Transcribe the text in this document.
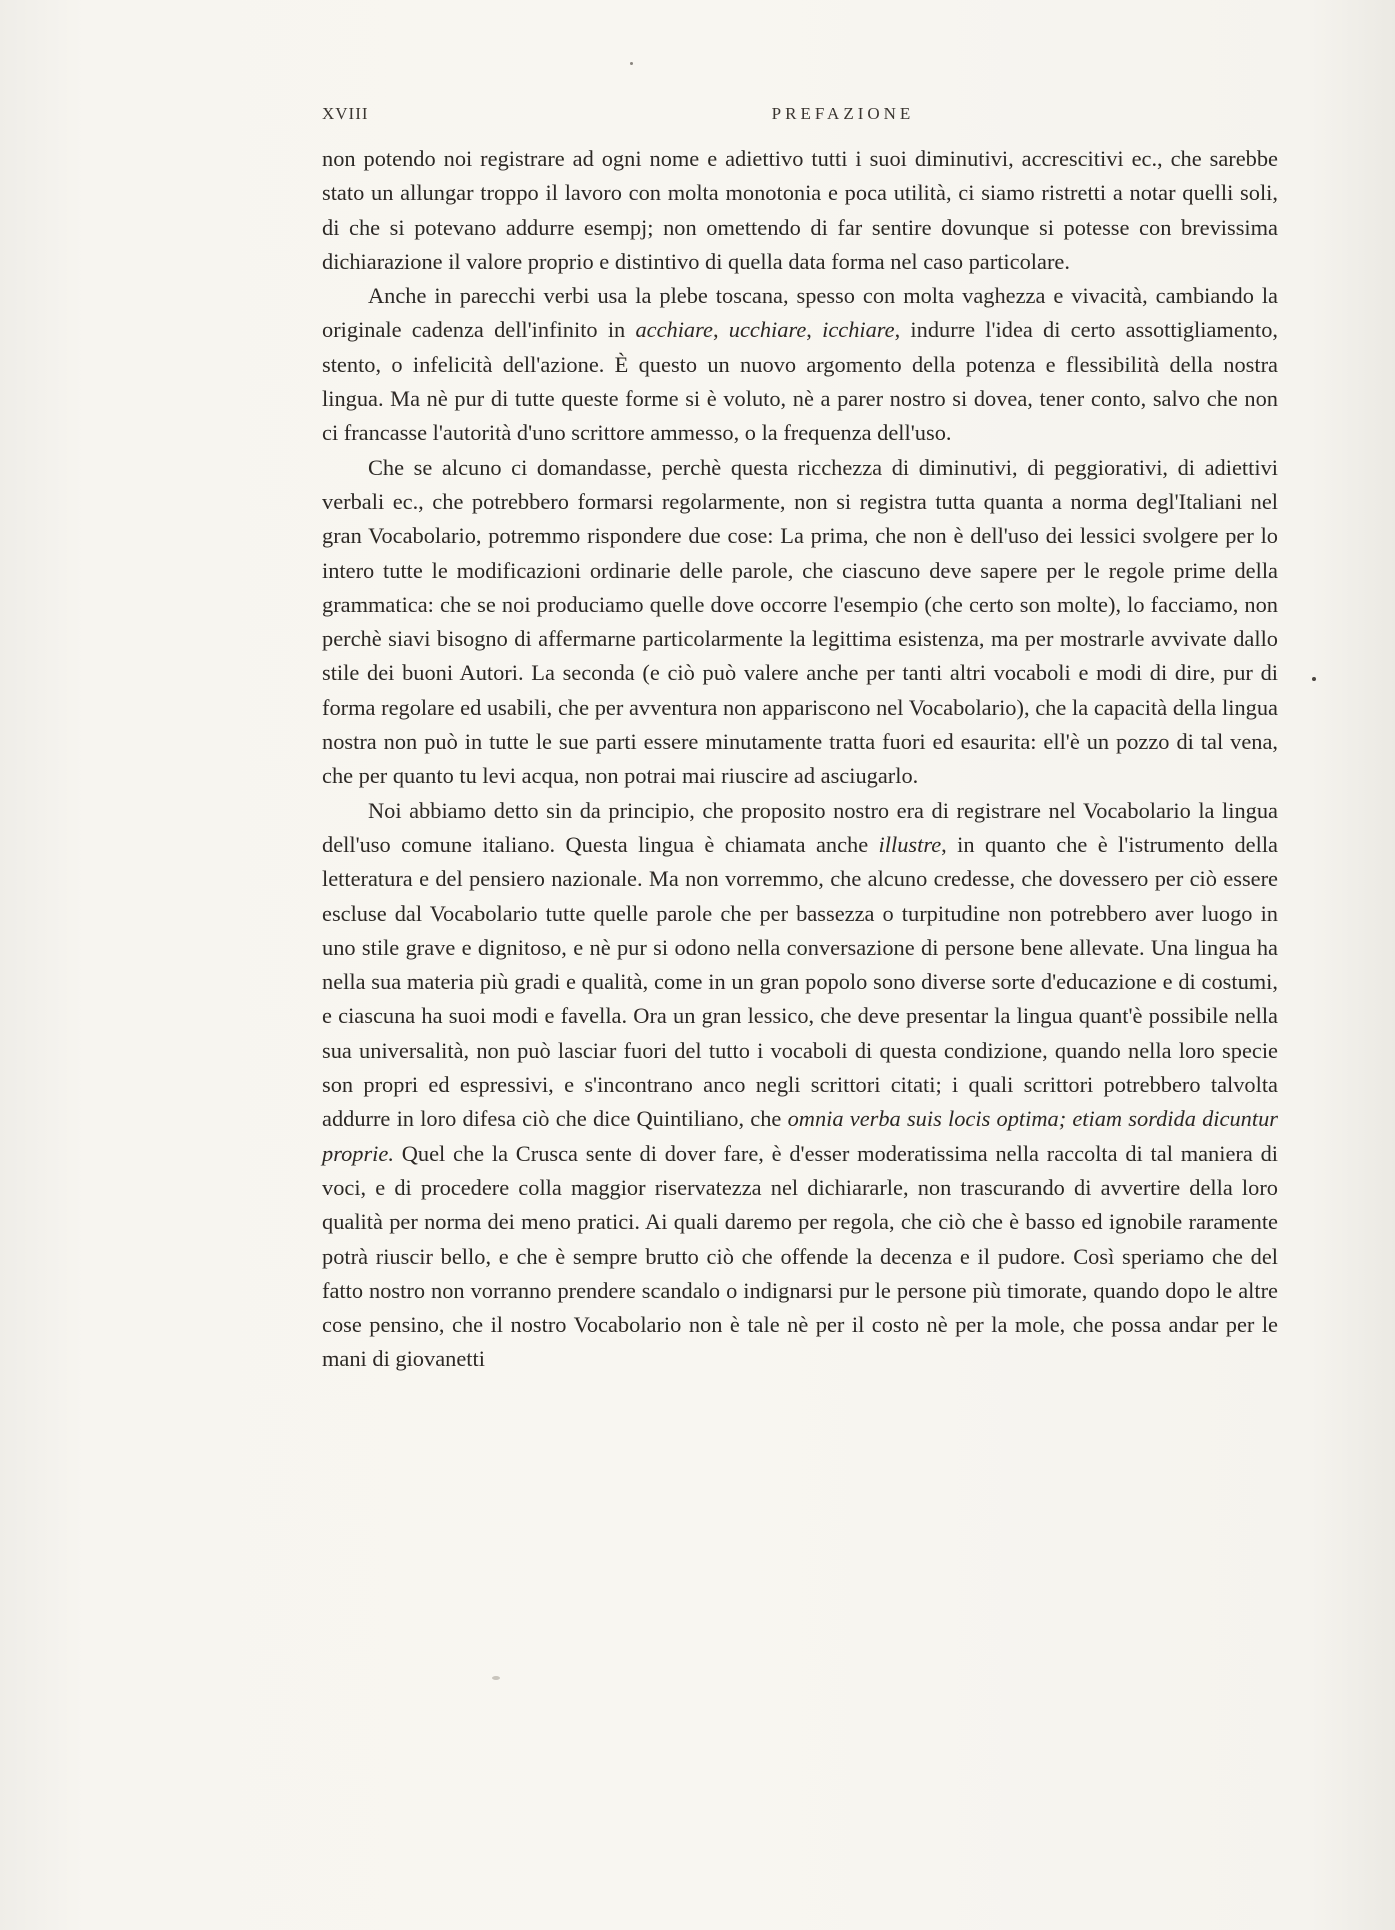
XVIII	PREFAZIONE

non potendo noi registrare ad ogni nome e adiettivo tutti i suoi diminutivi, accrescitivi ec., che sarebbe stato un allungar troppo il lavoro con molta monotonia e poca utilità, ci siamo ristretti a notar quelli soli, di che si potevano addurre esempj; non omettendo di far sentire dovunque si potesse con brevissima dichiarazione il valore proprio e distintivo di quella data forma nel caso particolare.

Anche in parecchi verbi usa la plebe toscana, spesso con molta vaghezza e vivacità, cambiando la originale cadenza dell'infinito in acchiare, ucchiare, icchiare, indurre l'idea di certo assottigliamento, stento, o infelicità dell'azione. È questo un nuovo argomento della potenza e flessibilità della nostra lingua. Ma nè pur di tutte queste forme si è voluto, nè a parer nostro si dovea, tener conto, salvo che non ci francasse l'autorità d'uno scrittore ammesso, o la frequenza dell'uso.

Che se alcuno ci domandasse, perchè questa ricchezza di diminutivi, di peggiorativi, di adiettivi verbali ec., che potrebbero formarsi regolarmente, non si registra tutta quanta a norma degl'Italiani nel gran Vocabolario, potremmo rispondere due cose: La prima, che non è dell'uso dei lessici svolgere per lo intero tutte le modificazioni ordinarie delle parole, che ciascuno deve sapere per le regole prime della grammatica: che se noi produciamo quelle dove occorre l'esempio (che certo son molte), lo facciamo, non perchè siavi bisogno di affermarne particolarmente la legittima esistenza, ma per mostrarle avvivate dallo stile dei buoni Autori. La seconda (e ciò può valere anche per tanti altri vocaboli e modi di dire, pur di forma regolare ed usabili, che per avventura non appariscono nel Vocabolario), che la capacità della lingua nostra non può in tutte le sue parti essere minutamente tratta fuori ed esaurita: ell'è un pozzo di tal vena, che per quanto tu levi acqua, non potrai mai riuscire ad asciugarlo.

Noi abbiamo detto sin da principio, che proposito nostro era di registrare nel Vocabolario la lingua dell'uso comune italiano. Questa lingua è chiamata anche illustre, in quanto che è l'istrumento della letteratura e del pensiero nazionale. Ma non vorremmo, che alcuno credesse, che dovessero per ciò essere escluse dal Vocabolario tutte quelle parole che per bassezza o turpitudine non potrebbero aver luogo in uno stile grave e dignitoso, e nè pur si odono nella conversazione di persone bene allevate. Una lingua ha nella sua materia più gradi e qualità, come in un gran popolo sono diverse sorte d'educazione e di costumi, e ciascuna ha suoi modi e favella. Ora un gran lessico, che deve presentar la lingua quant'è possibile nella sua universalità, non può lasciar fuori del tutto i vocaboli di questa condizione, quando nella loro specie son propri ed espressivi, e s'incontrano anco negli scrittori citati; i quali scrittori potrebbero talvolta addurre in loro difesa ciò che dice Quintiliano, che omnia verba suis locis optima; etiam sordida dicuntur proprie. Quel che la Crusca sente di dover fare, è d'esser moderatissima nella raccolta di tal maniera di voci, e di procedere colla maggior riservatezza nel dichiararle, non trascurando di avvertire della loro qualità per norma dei meno pratici. Ai quali daremo per regola, che ciò che è basso ed ignobile raramente potrà riuscir bello, e che è sempre brutto ciò che offende la decenza e il pudore. Così speriamo che del fatto nostro non vorranno prendere scandalo o indignarsi pur le persone più timorate, quando dopo le altre cose pensino, che il nostro Vocabolario non è tale nè per il costo nè per la mole, che possa andar per le mani di giovanetti
